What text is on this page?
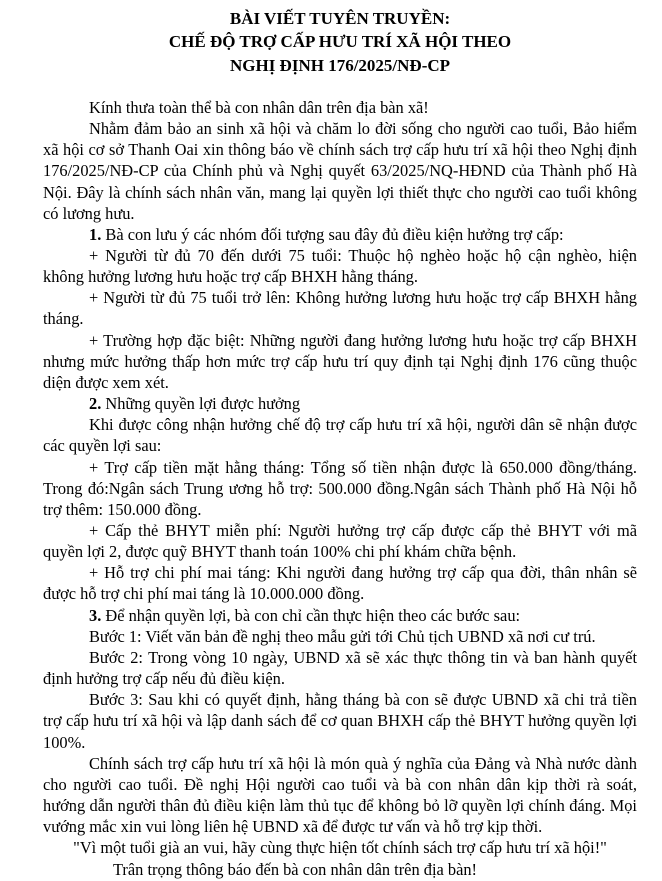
BÀI VIẾT TUYÊN TRUYỀN:
CHẾ ĐỘ TRỢ CẤP HƯU TRÍ XÃ HỘI THEO
NGHỊ ĐỊNH 176/2025/NĐ-CP

Kính thưa toàn thể bà con nhân dân trên địa bàn xã!

Nhằm đảm bảo an sinh xã hội và chăm lo đời sống cho người cao tuổi, Bảo hiểm xã hội cơ sở Thanh Oai xin thông báo về chính sách trợ cấp hưu trí xã hội theo Nghị định 176/2025/NĐ-CP của Chính phủ và Nghị quyết 63/2025/NQ-HĐND của Thành phố Hà Nội. Đây là chính sách nhân văn, mang lại quyền lợi thiết thực cho người cao tuổi không có lương hưu.

1. Bà con lưu ý các nhóm đối tượng sau đây đủ điều kiện hưởng trợ cấp:

+ Người từ đủ 70 đến dưới 75 tuổi: Thuộc hộ nghèo hoặc hộ cận nghèo, hiện không hưởng lương hưu hoặc trợ cấp BHXH hằng tháng.

+ Người từ đủ 75 tuổi trở lên: Không hưởng lương hưu hoặc trợ cấp BHXH hằng tháng.

+ Trường hợp đặc biệt: Những người đang hưởng lương hưu hoặc trợ cấp BHXH nhưng mức hưởng thấp hơn mức trợ cấp hưu trí quy định tại Nghị định 176 cũng thuộc diện được xem xét.

2. Những quyền lợi được hưởng

Khi được công nhận hưởng chế độ trợ cấp hưu trí xã hội, người dân sẽ nhận được các quyền lợi sau:

+ Trợ cấp tiền mặt hằng tháng: Tổng số tiền nhận được là 650.000 đồng/tháng. Trong đó:Ngân sách Trung ương hỗ trợ: 500.000 đồng.Ngân sách Thành phố Hà Nội hỗ trợ thêm: 150.000 đồng.

+ Cấp thẻ BHYT miễn phí: Người hưởng trợ cấp được cấp thẻ BHYT với mã quyền lợi 2, được quỹ BHYT thanh toán 100% chi phí khám chữa bệnh.

+ Hỗ trợ chi phí mai táng: Khi người đang hưởng trợ cấp qua đời, thân nhân sẽ được hỗ trợ chi phí mai táng là 10.000.000 đồng.

3. Để nhận quyền lợi, bà con chỉ cần thực hiện theo các bước sau:

Bước 1: Viết văn bản đề nghị theo mẫu gửi tới Chủ tịch UBND xã nơi cư trú.

Bước 2: Trong vòng 10 ngày, UBND xã sẽ xác thực thông tin và ban hành quyết định hưởng trợ cấp nếu đủ điều kiện.

Bước 3: Sau khi có quyết định, hằng tháng bà con sẽ được UBND xã chi trả tiền trợ cấp hưu trí xã hội và lập danh sách để cơ quan BHXH cấp thẻ BHYT hưởng quyền lợi 100%.

Chính sách trợ cấp hưu trí xã hội là món quà ý nghĩa của Đảng và Nhà nước dành cho người cao tuổi. Đề nghị Hội người cao tuổi và bà con nhân dân kịp thời rà soát, hướng dẫn người thân đủ điều kiện làm thủ tục để không bỏ lỡ quyền lợi chính đáng. Mọi vướng mắc xin vui lòng liên hệ UBND xã để được tư vấn và hỗ trợ kịp thời.

"Vì một tuổi già an vui, hãy cùng thực hiện tốt chính sách trợ cấp hưu trí xã hội!"

Trân trọng thông báo đến bà con nhân dân trên địa bàn!
